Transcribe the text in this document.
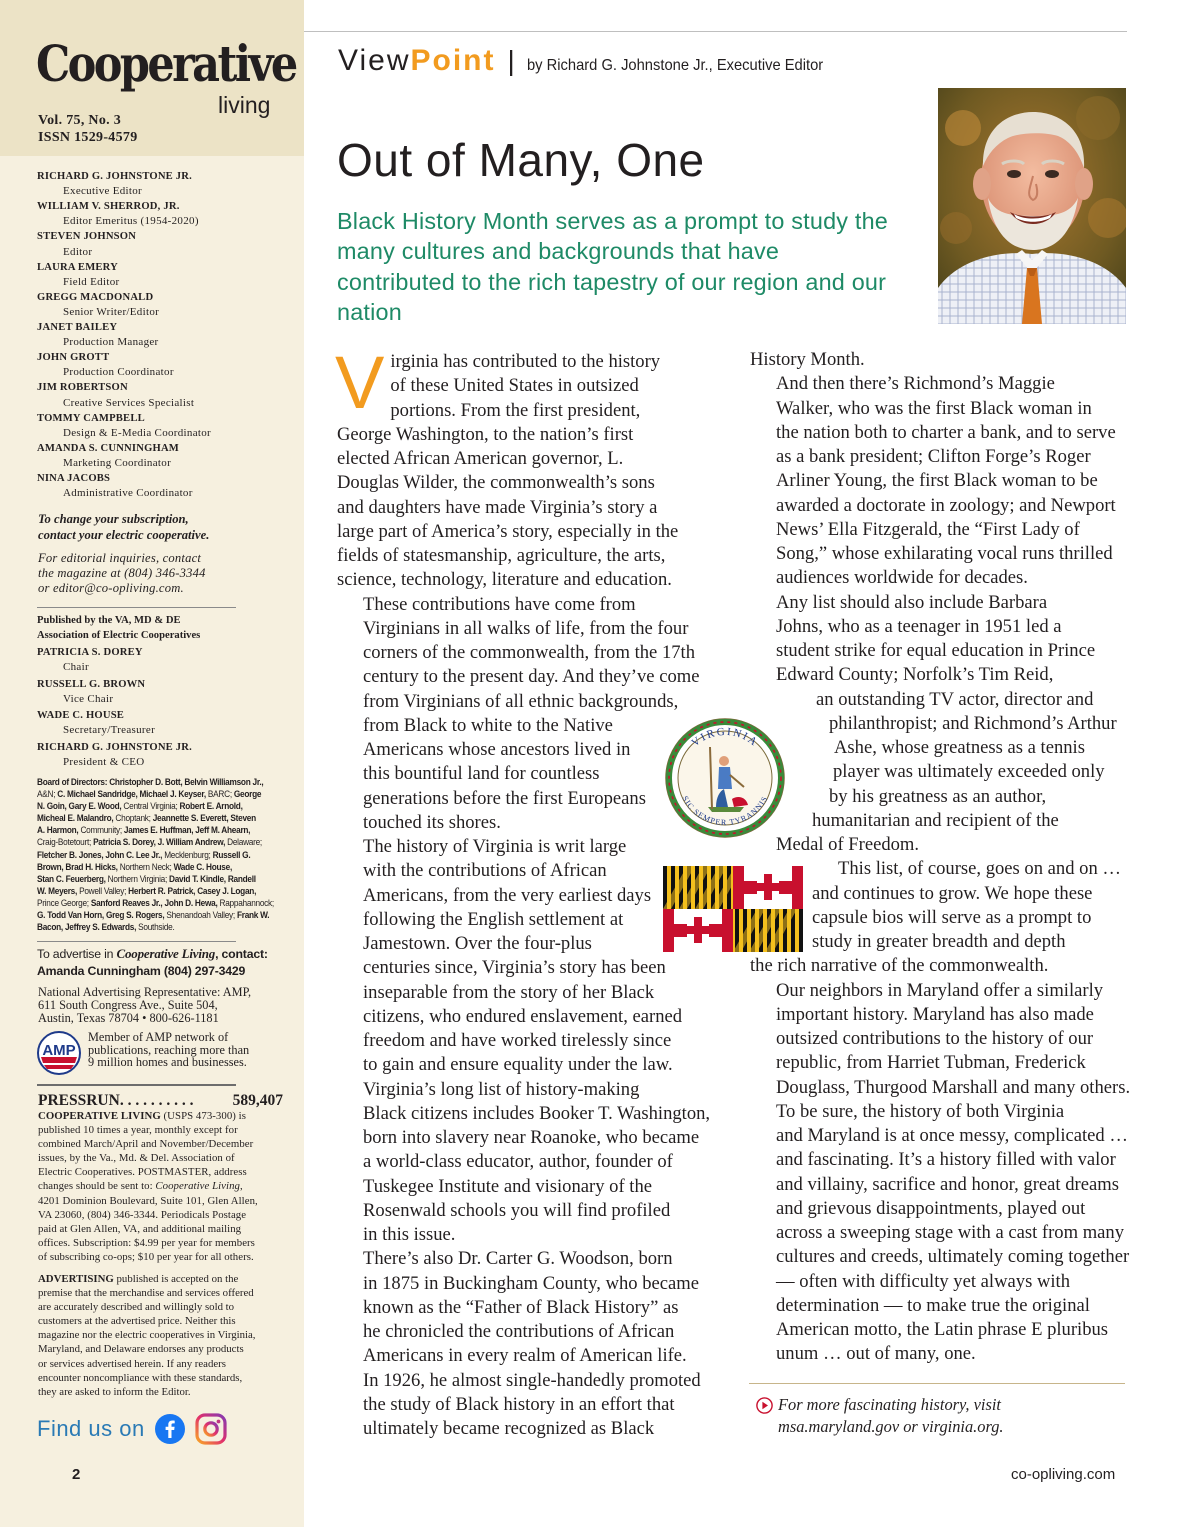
Cooperative
living
Vol. 75, No. 3
ISSN 1529-4579
RICHARD G. JOHNSTONE JR.
Executive Editor
WILLIAM V. SHERROD, JR.
Editor Emeritus (1954-2020)
STEVEN JOHNSON
Editor
LAURA EMERY
Field Editor
GREGG MACDONALD
Senior Writer/Editor
JANET BAILEY
Production Manager
JOHN GROTT
Production Coordinator
JIM ROBERTSON
Creative Services Specialist
TOMMY CAMPBELL
Design & E-Media Coordinator
AMANDA S. CUNNINGHAM
Marketing Coordinator
NINA JACOBS
Administrative Coordinator
To change your subscription,
contact your electric cooperative.
For editorial inquiries, contact
the magazine at (804) 346-3344
or editor@co-opliving.com.
Published by the VA, MD & DE
Association of Electric Cooperatives
PATRICIA S. DOREY
Chair
RUSSELL G. BROWN
Vice Chair
WADE C. HOUSE
Secretary/Treasurer
RICHARD G. JOHNSTONE JR.
President & CEO
Board of Directors: Christopher D. Bott, Belvin Williamson Jr.,
A&N; C. Michael Sandridge, Michael J. Keyser, BARC; George
N. Goin, Gary E. Wood, Central Virginia; Robert E. Arnold,
Micheal E. Malandro, Choptank; Jeannette S. Everett, Steven
A. Harmon, Community; James E. Huffman, Jeff M. Ahearn,
Craig-Botetourt; Patricia S. Dorey, J. William Andrew, Delaware;
Fletcher B. Jones, John C. Lee Jr., Mecklenburg; Russell G.
Brown, Brad H. Hicks, Northern Neck; Wade C. House,
Stan C. Feuerberg, Northern Virginia; David T. Kindle, Randell
W. Meyers, Powell Valley; Herbert R. Patrick, Casey J. Logan,
Prince George; Sanford Reaves Jr., John D. Hewa, Rappahannock;
G. Todd Van Horn, Greg S. Rogers, Shenandoah Valley; Frank W.
Bacon, Jeffrey S. Edwards, Southside.
To advertise in Cooperative Living, contact:
Amanda Cunningham (804) 297-3429
National Advertising Representative: AMP,
611 South Congress Ave., Suite 504,
Austin, Texas 78704 • 800-626-1181
AMP
Member of AMP network of
publications, reaching more than
9 million homes and businesses.
PRESSRUN. . . . . . . . . .	589,407
COOPERATIVE LIVING (USPS 473-300) is
published 10 times a year, monthly except for
combined March/April and November/December
issues, by the Va., Md. & Del. Association of
Electric Cooperatives. POSTMASTER, address
changes should be sent to: Cooperative Living,
4201 Dominion Boulevard, Suite 101, Glen Allen,
VA 23060, (804) 346-3344. Periodicals Postage
paid at Glen Allen, VA, and additional mailing
offices. Subscription: $4.99 per year for members
of subscribing co-ops; $10 per year for all others.
ADVERTISING published is accepted on the
premise that the merchandise and services offered
are accurately described and willingly sold to
customers at the advertised price. Neither this
magazine nor the electric cooperatives in Virginia,
Maryland, and Delaware endorses any products
or services advertised herein. If any readers
encounter noncompliance with these standards,
they are asked to inform the Editor.
Find us on
2
View Point | by Richard G. Johnstone Jr., Executive Editor
Out of Many, One
Black History Month serves as a prompt to study the many cultures and backgrounds that have contributed to the rich tapestry of our region and our nation

V irginia has contributed to the history
of these United States in outsized
portions. From the first president,
George Washington, to the nation’s first
elected African American governor, L.
Douglas Wilder, the commonwealth’s sons
and daughters have made Virginia’s story a
large part of America’s story, especially in the
fields of statesmanship, agriculture, the arts,
science, technology, literature and education.

These contributions have come from
Virginians in all walks of life, from the four
corners of the commonwealth, from the 17th
century to the present day. And they’ve come
from Virginians of all ethnic backgrounds,
from Black to white to the Native
Americans whose ancestors lived in
this bountiful land for countless
generations before the first Europeans
touched its shores.

The history of Virginia is writ large
with the contributions of African
Americans, from the very earliest days
following the English settlement at
Jamestown. Over the four-plus
centuries since, Virginia’s story has been
inseparable from the story of her Black
citizens, who endured enslavement, earned
freedom and have worked tirelessly since
to gain and ensure equality under the law.

Virginia’s long list of history-making
Black citizens includes Booker T. Washington,
born into slavery near Roanoke, who became
a world-class educator, author, founder of
Tuskegee Institute and visionary of the
Rosenwald schools you will find profiled
in this issue.

There’s also Dr. Carter G. Woodson, born
in 1875 in Buckingham County, who became
known as the “Father of Black History” as
he chronicled the contributions of African
Americans in every realm of American life.
In 1926, he almost single-handedly promoted
the study of Black history in an effort that
ultimately became recognized as Black

History Month.

And then there’s Richmond’s Maggie
Walker, who was the first Black woman in
the nation both to charter a bank, and to serve
as a bank president; Clifton Forge’s Roger
Arliner Young, the first Black woman to be
awarded a doctorate in zoology; and Newport
News’ Ella Fitzgerald, the “First Lady of
Song,” whose exhilarating vocal runs thrilled
audiences worldwide for decades.

Any list should also include Barbara
Johns, who as a teenager in 1951 led a
student strike for equal education in Prince
Edward County; Norfolk’s Tim Reid,
an outstanding TV actor, director and
philanthropist; and Richmond’s Arthur
Ashe, whose greatness as a tennis
player was ultimately exceeded only
by his greatness as an author,
humanitarian and recipient of the
Medal of Freedom.

This list, of course, goes on and on …
and continues to grow. We hope these
capsule bios will serve as a prompt to
study in greater breadth and depth
the rich narrative of the commonwealth.

Our neighbors in Maryland offer a similarly
important history. Maryland has also made
outsized contributions to the history of our
republic, from Harriet Tubman, Frederick
Douglass, Thurgood Marshall and many others.

To be sure, the history of both Virginia
and Maryland is at once messy, complicated …
and fascinating. It’s a history filled with valor
and villainy, sacrifice and honor, great dreams
and grievous disappointments, played out
across a sweeping stage with a cast from many
cultures and creeds, ultimately coming together
— often with difficulty yet always with
determination — to make true the original
American motto, the Latin phrase E pluribus
unum … out of many, one.

VIRGINIA
SIC SEMPER TYRANNIS
For more fascinating history, visit
msa.maryland.gov or virginia.org.
co-opliving.com
